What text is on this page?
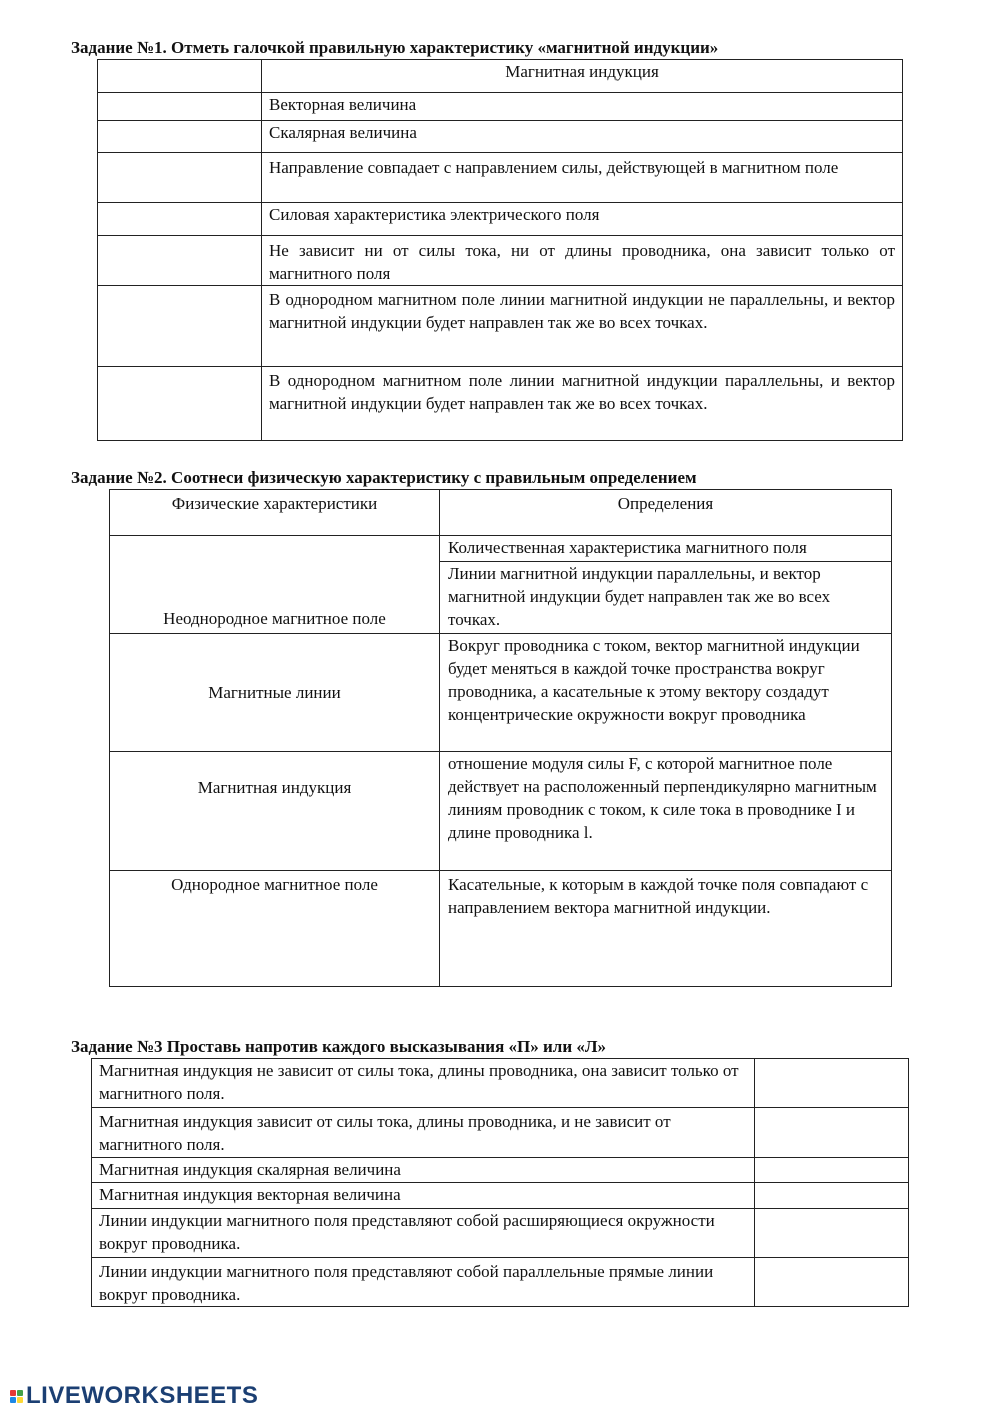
Задание №1. Отметь галочкой правильную характеристику «магнитной индукции»
	Магнитная индукция
	Векторная величина
	Скалярная величина
	Направление совпадает с направлением силы, действующей в магнитном поле
	Силовая характеристика электрического поля
	Не зависит ни от силы тока, ни от длины проводника, она зависит только от магнитного поля
	В однородном магнитном поле линии магнитной индукции не параллельны, и вектор магнитной индукции будет направлен так же во всех точках.
	В однородном магнитном поле линии магнитной индукции параллельны, и вектор магнитной индукции будет направлен так же во всех точках.
Задание №2. Соотнеси физическую характеристику с правильным определением
Физические характеристики	Определения
Неоднородное магнитное поле	Количественная характеристика магнитного поля
	Линии магнитной индукции параллельны, и вектор магнитной индукции будет направлен так же во всех точках.
Магнитные линии	Вокруг проводника с током, вектор магнитной индукции будет меняться в каждой точке пространства вокруг проводника, а касательные к этому вектору создадут концентрические окружности вокруг проводника
Магнитная индукция	отношение модуля силы F, с которой магнитное поле действует на расположенный перпендикулярно магнитным линиям проводник с током, к силе тока в проводнике I и длине проводника l.
Однородное магнитное поле	Касательные, к которым в каждой точке поля совпадают с направлением вектора магнитной индукции.
Задание №3 Проставь напротив каждого высказывания «П» или «Л»
Магнитная индукция не зависит от силы тока, длины проводника, она зависит только от магнитного поля.	
Магнитная индукция зависит от силы тока, длины проводника, и не зависит от магнитного поля.	
Магнитная индукция скалярная величина	
Магнитная индукция векторная величина	
Линии индукции магнитного поля представляют собой расширяющиеся окружности вокруг проводника.	
Линии индукции магнитного поля представляют собой параллельные прямые линии вокруг проводника.	
LIVEWORKSHEETS
